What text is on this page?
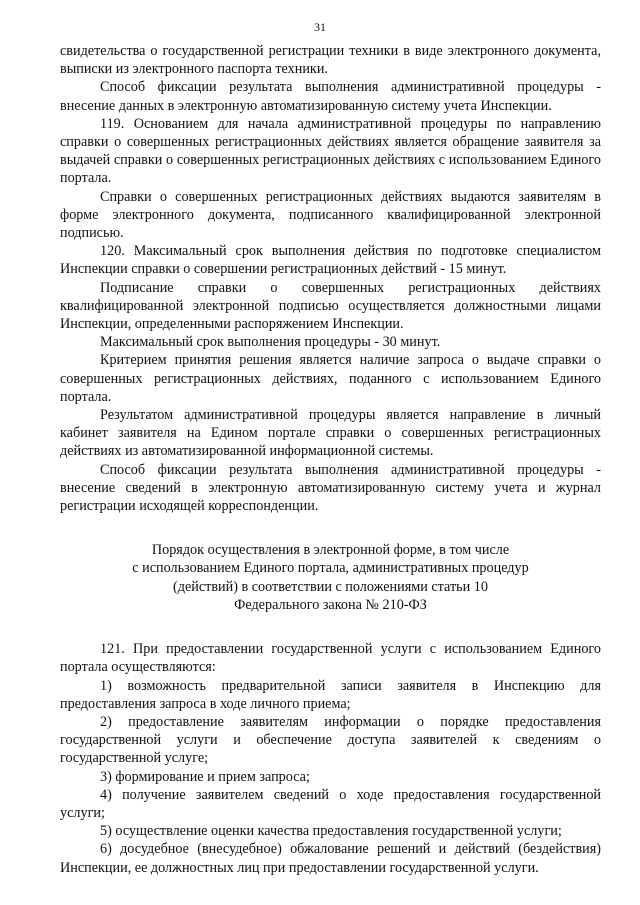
31

свидетельства о государственной регистрации техники в виде электронного документа, выписки из электронного паспорта техники.

Способ фиксации результата выполнения административной процедуры - внесение данных в электронную автоматизированную систему учета Инспекции.

119. Основанием для начала административной процедуры по направлению справки о совершенных регистрационных действиях является обращение заявителя за выдачей справки о совершенных регистрационных действиях с использованием Единого портала.

Справки о совершенных регистрационных действиях выдаются заявителям в форме электронного документа, подписанного квалифицированной электронной подписью.

120. Максимальный срок выполнения действия по подготовке специалистом Инспекции справки о совершении регистрационных действий - 15 минут.

Подписание справки о совершенных регистрационных действиях квалифицированной электронной подписью осуществляется должностными лицами Инспекции, определенными распоряжением Инспекции.

Максимальный срок выполнения процедуры - 30 минут.

Критерием принятия решения является наличие запроса о выдаче справки о совершенных регистрационных действиях, поданного с использованием Единого портала.

Результатом административной процедуры является направление в личный кабинет заявителя на Едином портале справки о совершенных регистрационных действиях из автоматизированной информационной системы.

Способ фиксации результата выполнения административной процедуры - внесение сведений в электронную автоматизированную систему учета и журнал регистрации исходящей корреспонденции.

Порядок осуществления в электронной форме, в том числе
с использованием Единого портала, административных процедур
(действий) в соответствии с положениями статьи 10
Федерального закона № 210-ФЗ

121. При предоставлении государственной услуги с использованием Единого портала осуществляются:

1) возможность предварительной записи заявителя в Инспекцию для предоставления запроса в ходе личного приема;

2) предоставление заявителям информации о порядке предоставления государственной услуги и обеспечение доступа заявителей к сведениям о государственной услуге;

3) формирование и прием запроса;

4) получение заявителем сведений о ходе предоставления государственной услуги;

5) осуществление оценки качества предоставления государственной услуги;

6) досудебное (внесудебное) обжалование решений и действий (бездействия) Инспекции, ее должностных лиц при предоставлении государственной услуги.
